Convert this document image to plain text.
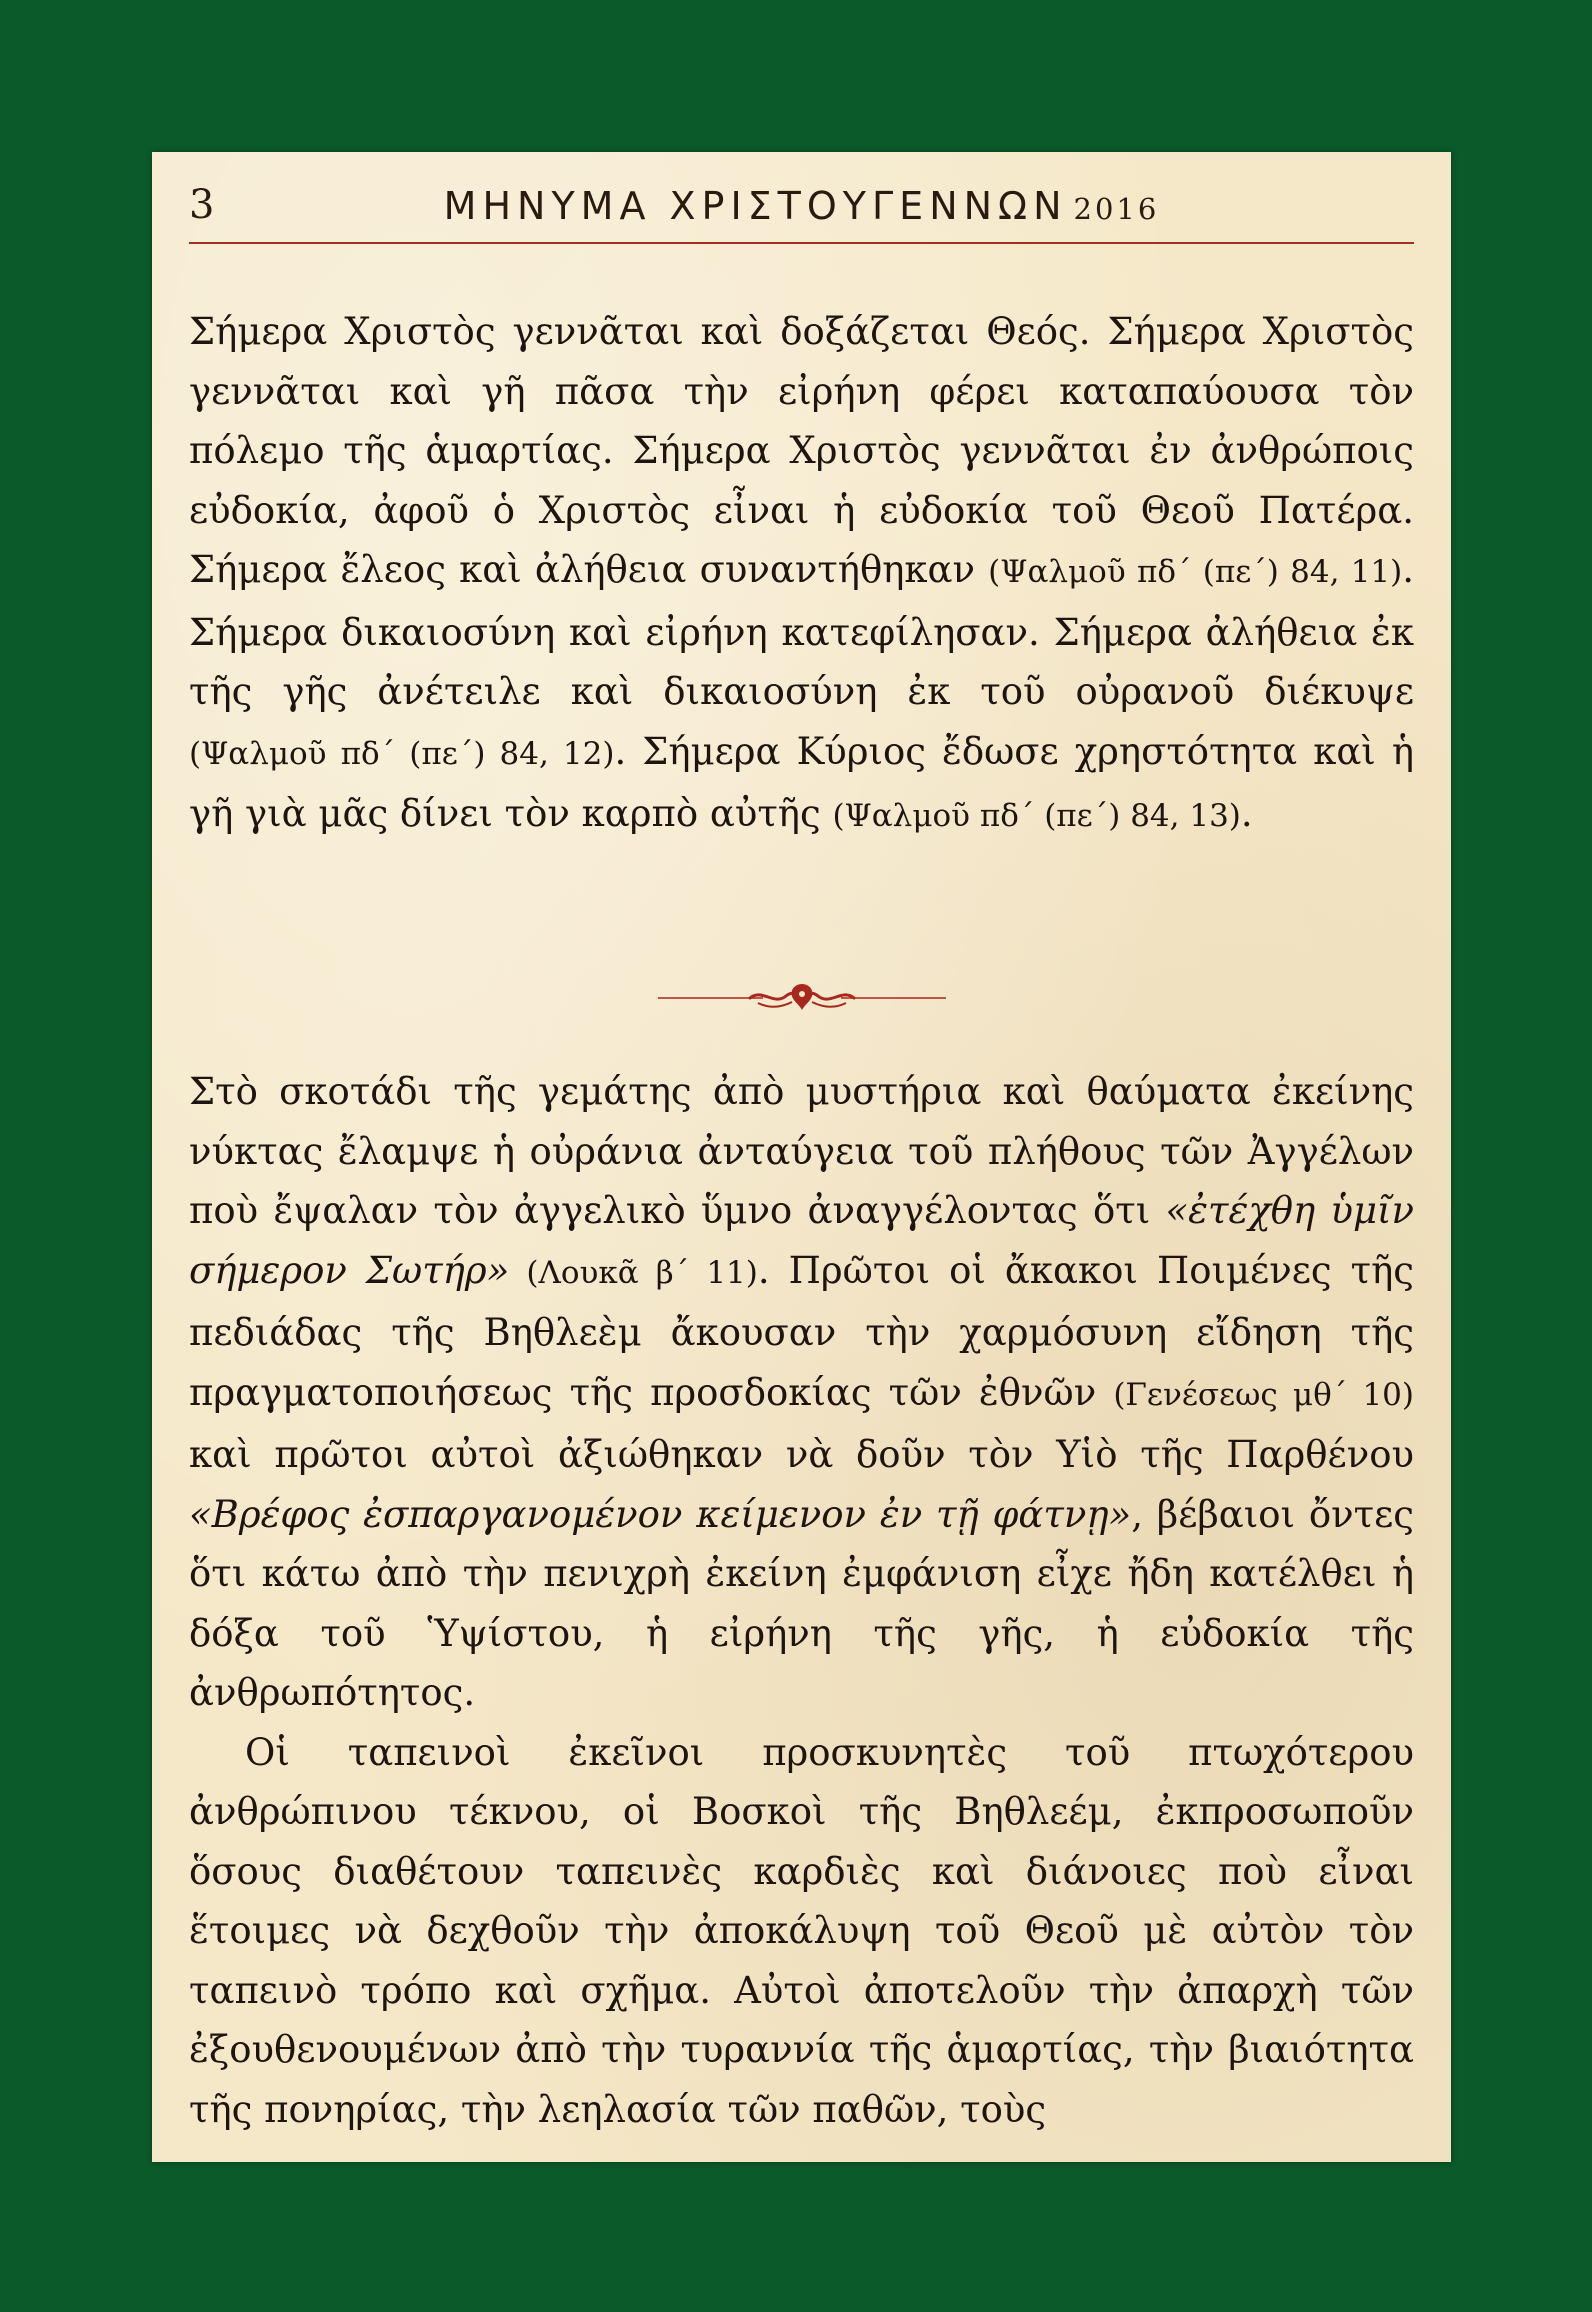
3	ΜΗΝΥΜΑ ΧΡΙΣΤΟΥΓΕΝΝΩΝ 2016

Σήμερα Χριστὸς γεννᾶται καὶ δοξάζεται Θεός. Σήμερα Χριστὸς γεννᾶται καὶ γῆ πᾶσα τὴν εἰρήνη φέρει καταπαύουσα τὸν πόλεμο τῆς ἁμαρτίας. Σήμερα Χριστὸς γεννᾶται ἐν ἀνθρώποις εὐδοκία, ἀφοῦ ὁ Χριστὸς εἶναι ἡ εὐδοκία τοῦ Θεοῦ Πατέρα. Σήμερα ἔλεος καὶ ἀλήθεια συναντήθηκαν (Ψαλμοῦ πδ΄ (πε΄) 84, 11). Σήμερα δικαιοσύνη καὶ εἰρήνη κατεφίλησαν. Σήμερα ἀλήθεια ἐκ τῆς γῆς ἀνέτειλε καὶ δικαιοσύνη ἐκ τοῦ οὐρανοῦ διέκυψε (Ψαλμοῦ πδ΄ (πε΄) 84, 12). Σήμερα Κύριος ἔδωσε χρηστότητα καὶ ἡ γῆ γιὰ μᾶς δίνει τὸν καρπὸ αὐτῆς (Ψαλμοῦ πδ΄ (πε΄) 84, 13).

Στὸ σκοτάδι τῆς γεμάτης ἀπὸ μυστήρια καὶ θαύματα ἐκείνης νύκτας ἔλαμψε ἡ οὐράνια ἀνταύγεια τοῦ πλήθους τῶν Ἀγγέλων ποὺ ἔψαλαν τὸν ἀγγελικὸ ὕμνο ἀναγγέλοντας ὅτι «ἐτέχθη ὑμῖν σήμερον Σωτήρ» (Λουκᾶ β΄ 11). Πρῶτοι οἱ ἄκακοι Ποιμένες τῆς πεδιάδας τῆς Βηθλεὲμ ἄκουσαν τὴν χαρμόσυνη εἴδηση τῆς πραγματοποιήσεως τῆς προσδοκίας τῶν ἐθνῶν (Γενέσεως μθ΄ 10) καὶ πρῶτοι αὐτοὶ ἀξιώθηκαν νὰ δοῦν τὸν Υἱὸ τῆς Παρθένου «Βρέφος ἐσπαργανομένον κείμενον ἐν τῇ φάτνῃ», βέβαιοι ὄντες ὅτι κάτω ἀπὸ τὴν πενιχρὴ ἐκείνη ἐμφάνιση εἶχε ἤδη κατέλθει ἡ δόξα τοῦ Ὑψίστου, ἡ εἰρήνη τῆς γῆς, ἡ εὐδοκία τῆς ἀνθρωπότητος.

Οἱ ταπεινοὶ ἐκεῖνοι προσκυνητὲς τοῦ πτωχότερου ἀνθρώπινου τέκνου, οἱ Βοσκοὶ τῆς Βηθλεέμ, ἐκπροσωποῦν ὅσους διαθέτουν ταπεινὲς καρδιὲς καὶ διάνοιες ποὺ εἶναι ἕτοιμες νὰ δεχθοῦν τὴν ἀποκάλυψη τοῦ Θεοῦ μὲ αὐτὸν τὸν ταπεινὸ τρόπο καὶ σχῆμα. Αὐτοὶ ἀποτελοῦν τὴν ἀπαρχὴ τῶν ἐξουθενουμένων ἀπὸ τὴν τυραννία τῆς ἁμαρτίας, τὴν βιαιότητα τῆς πονηρίας, τὴν λεηλασία τῶν παθῶν, τοὺς
